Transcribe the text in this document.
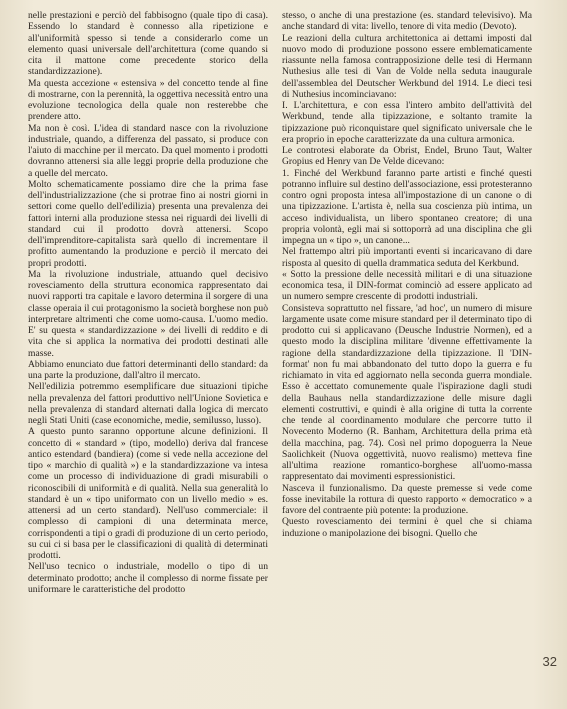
nelle prestazioni e perciò del fabbisogno (quale tipo di casa). Essendo lo standard è connesso alla ripetizione e all'uniformità spesso si tende a considerarlo come un elemento quasi universale dell'architettura (come quando si cita il mattone come precedente storico della standardizzazione).

Ma questa accezione « estensiva » del concetto tende al fine di mostrarne, con la perennità, la oggettiva necessità entro una evoluzione tecnologica della quale non resterebbe che prendere atto.

Ma non è così. L'idea di standard nasce con la rivoluzione industriale, quando, a differenza del passato, si produce con l'aiuto di macchine per il mercato. Da quel momento i prodotti dovranno attenersi sia alle leggi proprie della produzione che a quelle del mercato.

Molto schematicamente possiamo dire che la prima fase dell'industrializzazione (che si protrae fino ai nostri giorni in settori come quello dell'edilizia) presenta una prevalenza dei fattori interni alla produzione stessa nei riguardi dei livelli di standard cui il prodotto dovrà attenersi. Scopo dell'imprenditore-capitalista sarà quello di incrementare il profitto aumentando la produzione e perciò il mercato dei propri prodotti.

Ma la rivoluzione industriale, attuando quel decisivo rovesciamento della struttura economica rappresentato dai nuovi rapporti tra capitale e lavoro determina il sorgere di una classe operaia il cui protagonismo la società borghese non può interpretare altrimenti che come uomo-causa. L'uomo medio. E' su questa « standardizzazione » dei livelli di reddito e di vita che si applica la normativa dei prodotti destinati alle masse.

Abbiamo enunciato due fattori determinanti dello standard: da una parte la produzione, dall'altro il mercato.

Nell'edilizia potremmo esemplificare due situazioni tipiche nella prevalenza del fattori produttivo nell'Unione Sovietica e nella prevalenza di standard alternati dalla logica di mercato negli Stati Uniti (case economiche, medie, semilusso, lusso).

A questo punto saranno opportune alcune definizioni. Il concetto di « standard » (tipo, modello) deriva dal francese antico estendard (bandiera) (come si vede nella accezione del tipo « marchio di qualità ») e la standardizzazione va intesa come un processo di individuazione di gradi misurabili o riconoscibili di uniformità e di qualità. Nella sua generalità lo standard è un « tipo uniformato con un livello medio » es. attenersi ad un certo standard). Nell'uso commerciale: il complesso di campioni di una determinata merce, corrispondenti a tipi o gradi di produzione di un certo periodo, su cui ci si basa per le classificazioni di qualità di determinati prodotti.

Nell'uso tecnico o industriale, modello o tipo di un determinato prodotto; anche il complesso di norme fissate per uniformare le caratteristiche del prodotto

stesso, o anche di una prestazione (es. standard televisivo). Ma anche standard di vita: livello, tenore di vita medio (Devoto).

Le reazioni della cultura architettonica ai dettami imposti dal nuovo modo di produzione possono essere emblematicamente riassunte nella famosa contrapposizione delle tesi di Hermann Nuthesius alle tesi di Van de Volde nella seduta inaugurale dell'assemblea del Deutscher Werkbund del 1914. Le dieci tesi di Nuthesius incominciavano:

I. L'architettura, e con essa l'intero ambito dell'attività del Werkbund, tende alla tipizzazione, e soltanto tramite la tipizzazione può riconquistare quel significato universale che le era proprio in epoche caratterizzate da una cultura armonica.

Le controtesi elaborate da Obrist, Endel, Bruno Taut, Walter Gropius ed Henry van De Velde dicevano:

1. Finché del Werkbund faranno parte artisti e finché questi potranno influire sul destino dell'associazione, essi protesteranno contro ogni proposta intesa all'impostazione di un canone o di una tipizzazione. L'artista è, nella sua coscienza più intima, un acceso individualista, un libero spontaneo creatore; di una propria volontà, egli mai si sottoporrà ad una disciplina che gli impegna un « tipo », un canone...

Nel frattempo altri più importanti eventi si incaricavano di dare risposta al quesito di quella drammatica seduta del Kerkbund.

« Sotto la pressione delle necessità militari e di una situazione economica tesa, il DIN-format cominciò ad essere applicato ad un numero sempre crescente di prodotti industriali.

Consisteva soprattutto nel fissare, 'ad hoc', un numero di misure largamente usate come misure standard per il determinato tipo di prodotto cui si applicavano (Deusche Industrie Normen), ed a questo modo la disciplina militare 'divenne effettivamente la ragione della standardizzazione della tipizzazione. Il 'DIN-format' non fu mai abbandonato del tutto dopo la guerra e fu richiamato in vita ed aggiornato nella seconda guerra mondiale. Esso è accettato comunemente quale l'ispirazione dagli studi della Bauhaus nella standardizzazione delle misure dagli elementi costruttivi, e quindi è alla origine di tutta la corrente che tende al coordinamento modulare che percorre tutto il Novecento Moderno (R. Banham, Architettura della prima età della macchina, pag. 74). Così nel primo dopoguerra la Neue Saolichkeit (Nuova oggettività, nuovo realismo) metteva fine all'ultima reazione romantico-borghese all'uomo-massa rappresentato dai movimenti espressionistici.

Nasceva il funzionalismo. Da queste premesse si vede come fosse inevitabile la rottura di questo rapporto « democratico » a favore del contraente più potente: la produzione.

Questo rovesciamento dei termini è quel che si chiama induzione o manipolazione dei bisogni. Quello che

32
